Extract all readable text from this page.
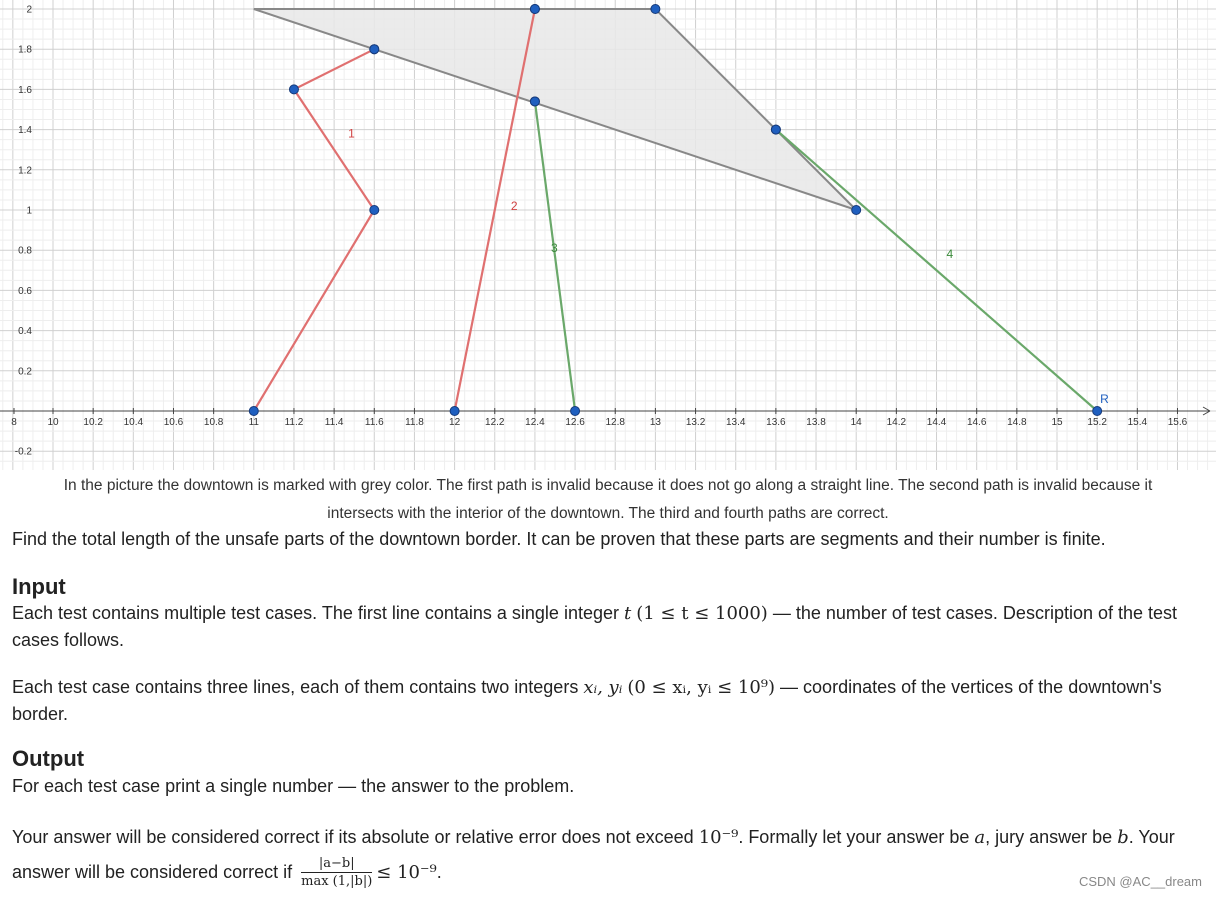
1
2
3	4
R
8	10 10.2 10.4 10.6 10.8	11	11.2 11.4 11.6 11.8	12 12.2 12.4 12.6 12.8 13 13.2 13.4 13.6 13.8 14 14.2 14.4 14.6 14.8 15 15.2 15.4 15.6
2
1.8
1.6
1.4
1.2
1
0.8
0.6
0.4
0.2
-0.2
In the picture the downtown is marked with grey color. The first path is invalid because it does not go along a straight line. The second path is invalid because it
intersects with the interior of the downtown. The third and fourth paths are correct.
Find the total length of the unsafe parts of the downtown border. It can be proven that these parts are segments and their number is finite.
Input
Each test contains multiple test cases. The first line contains a single integer t (1 ≤ t ≤ 1000) — the number of test cases. Description of the test cases follows.
Each test case contains three lines, each of them contains two integers xᵢ, yᵢ (0 ≤ xᵢ, yᵢ ≤ 10⁹) — coordinates of the vertices of the downtown's border.
Output
For each test case print a single number — the answer to the problem.
Your answer will be considered correct if its absolute or relative error does not exceed 10⁻⁹. Formally let your answer be a, jury answer be b. Your answer will be considered correct if $\frac{|a-b|}{\max (1,|b|)} \le 10^{-9}$.	CSDN @AC__dream
